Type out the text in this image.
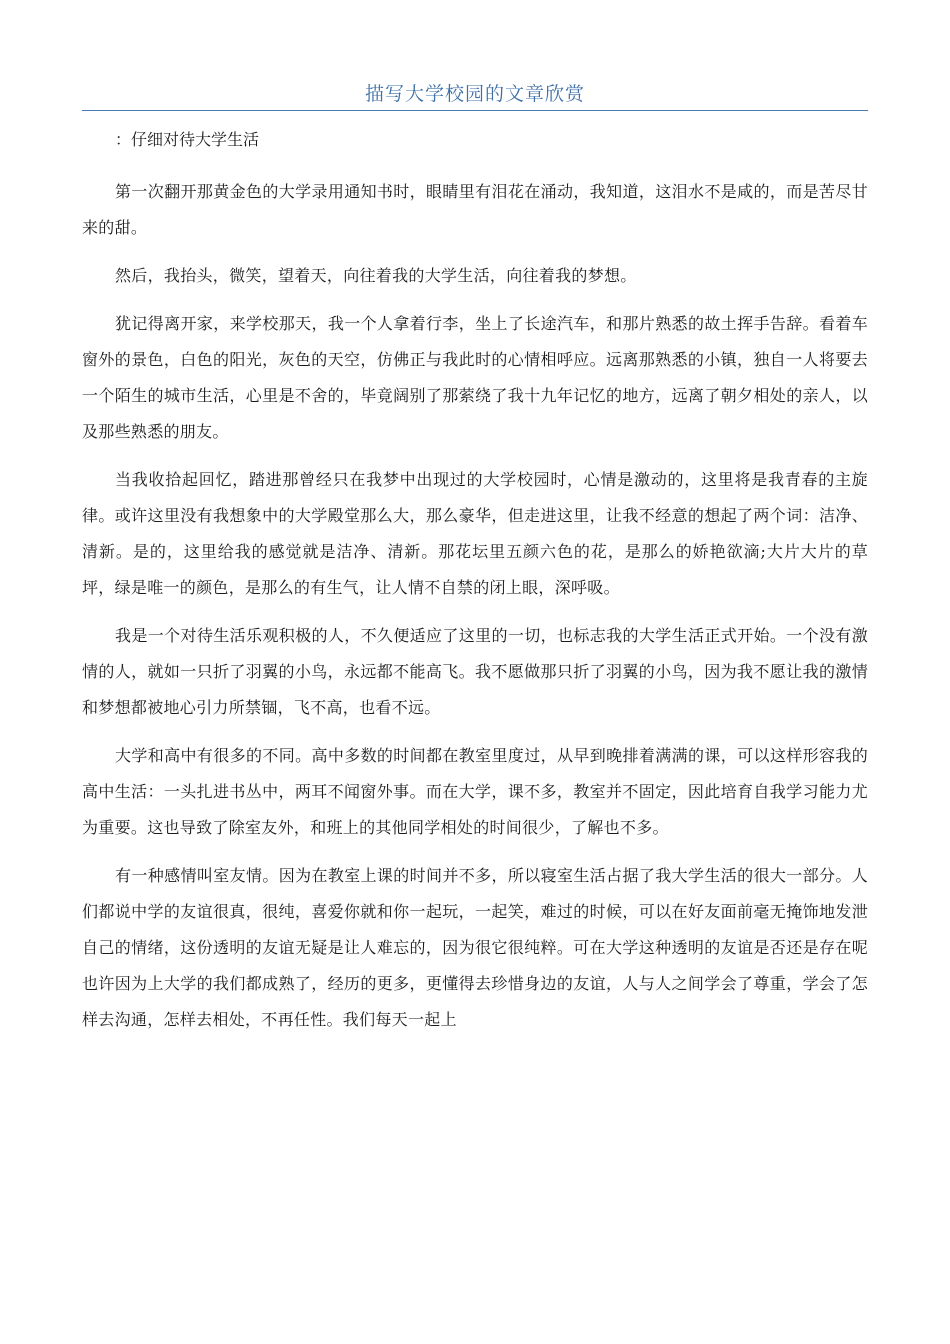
描写大学校园的文章欣赏

：仔细对待大学生活

第一次翻开那黄金色的大学录用通知书时，眼睛里有泪花在涌动，我知道，这泪水不是咸的，而是苦尽甘来的甜。

然后，我抬头，微笑，望着天，向往着我的大学生活，向往着我的梦想。

犹记得离开家，来学校那天，我一个人拿着行李，坐上了长途汽车，和那片熟悉的故土挥手告辞。看着车窗外的景色，白色的阳光，灰色的天空，仿佛正与我此时的心情相呼应。远离那熟悉的小镇，独自一人将要去一个陌生的城市生活，心里是不舍的，毕竟阔别了那萦绕了我十九年记忆的地方，远离了朝夕相处的亲人，以及那些熟悉的朋友。

当我收拾起回忆，踏进那曾经只在我梦中出现过的大学校园时，心情是激动的，这里将是我青春的主旋律。或许这里没有我想象中的大学殿堂那么大，那么豪华，但走进这里，让我不经意的想起了两个词：洁净、清新。是的，这里给我的感觉就是洁净、清新。那花坛里五颜六色的花，是那么的娇艳欲滴;大片大片的草坪，绿是唯一的颜色，是那么的有生气，让人情不自禁的闭上眼，深呼吸。

我是一个对待生活乐观积极的人，不久便适应了这里的一切，也标志我的大学生活正式开始。一个没有激情的人，就如一只折了羽翼的小鸟，永远都不能高飞。我不愿做那只折了羽翼的小鸟，因为我不愿让我的激情和梦想都被地心引力所禁锢，飞不高，也看不远。

大学和高中有很多的不同。高中多数的时间都在教室里度过，从早到晚排着满满的课，可以这样形容我的高中生活：一头扎进书丛中，两耳不闻窗外事。而在大学，课不多，教室并不固定，因此培育自我学习能力尤为重要。这也导致了除室友外，和班上的其他同学相处的时间很少，了解也不多。

有一种感情叫室友情。因为在教室上课的时间并不多，所以寝室生活占据了我大学生活的很大一部分。人们都说中学的友谊很真，很纯，喜爱你就和你一起玩，一起笑，难过的时候，可以在好友面前毫无掩饰地发泄自己的情绪，这份透明的友谊无疑是让人难忘的，因为很它很纯粹。可在大学这种透明的友谊是否还是存在呢也许因为上大学的我们都成熟了，经历的更多，更懂得去珍惜身边的友谊，人与人之间学会了尊重，学会了怎样去沟通，怎样去相处，不再任性。我们每天一起上
